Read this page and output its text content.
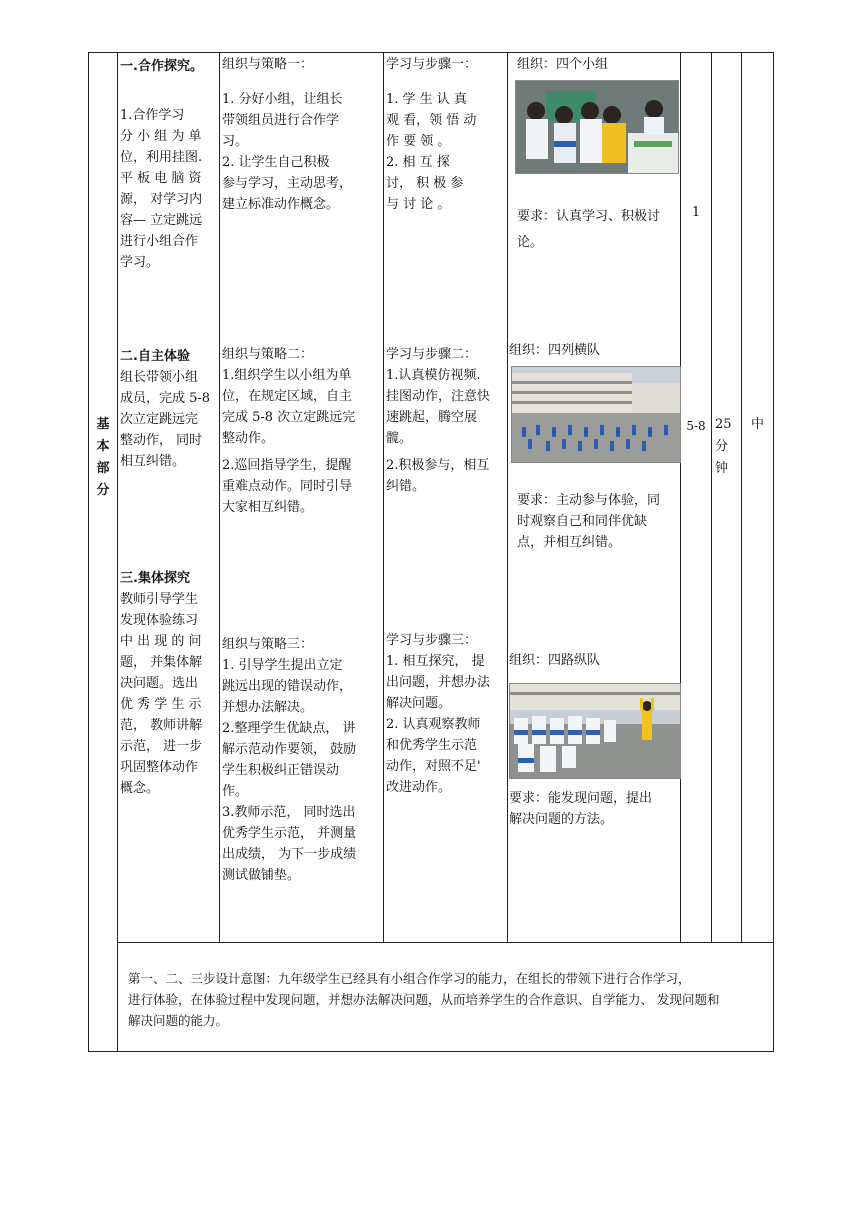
基
本
部
分

一.合作探究。

1.合作学习

分 小 组 为 单

位，利用挂图.

平 板 电 脑 资

源， 对学习内

容— 立定跳远

进行小组合作

学习。

二.自主体验

组长带领小组

成员，完成 5-8

次立定跳远完

整动作， 同时

相互纠错。

三.集体探究

教师引导学生

发现体验练习

中 出 现 的 问

题， 并集体解

决问题。选出

优 秀 学 生 示

范， 教师讲解

示范， 进一步

巩固整体动作

概念。

组织与策略一：

1. 分好小组，让组长

带领组员进行合作学

习。

2. 让学生自己积极

参与学习，主动思考，

建立标准动作概念。

组织与策略二：

1.组织学生以小组为单

位，在规定区域，自主

完成 5-8 次立定跳远完

整动作。

2.巡回指导学生，提醒

重难点动作。同时引导

大家相互纠错。

组织与策略三：

1. 引导学生提出立定

跳远出现的错误动作，

并想办法解决。

2.整理学生优缺点， 讲

解示范动作要领， 鼓励

学生积极纠正错误动

作。

3.教师示范， 同时选出

优秀学生示范， 并测量

出成绩， 为下一步成绩

测试做铺垫。

学习与步骤一：

1. 学 生 认 真

观 看，领 悟 动

作 要 领 。

2. 相 互 探

讨， 积 极 参

与 讨 论 。

学习与步骤二：

1.认真模仿视频.

挂图动作，注意快

速跳起，腾空展

髋。

2.积极参与，相互

纠错。

学习与步骤三：

1. 相互探究， 提

出问题，并想办法

解决问题。

2. 认真观察教师

和优秀学生示范

动作，对照不足'

改进动作。

组织：四个小组

要求：认真学习、积极讨

论。

组织：四列横队

要求：主动参与体验，同

时观察自己和同伴优缺

点，并相互纠错。

组织：四路纵队

要求：能发现问题，提出

解决问题的方法。

1
5-8 25
分
钟
中

第一、二、三步设计意图：九年级学生已经具有小组合作学习的能力，在组长的带领下进行合作学习，

进行体验，在体验过程中发现问题，并想办法解决问题，从而培养学生的合作意识、自学能力、 发现问题和

解决问题的能力。
